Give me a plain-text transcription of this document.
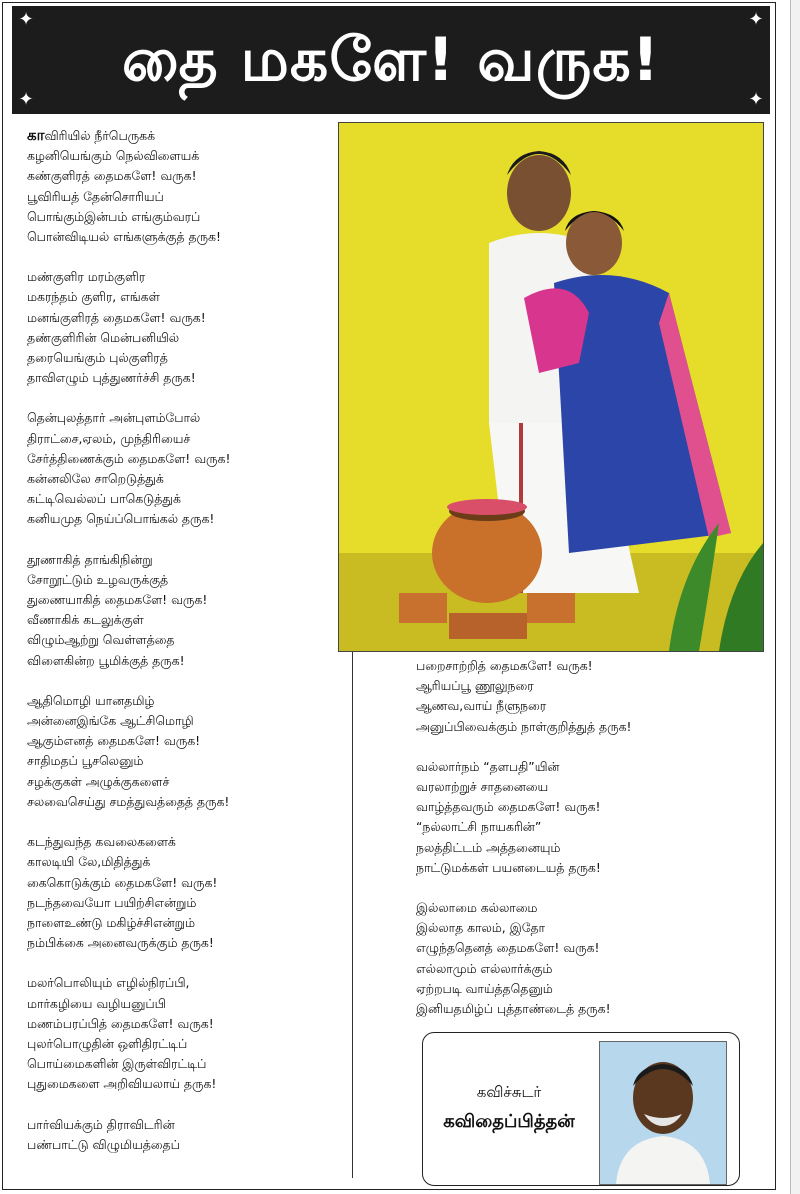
✦	✦
✦	✦
தை மகளே! வருக!
காவிரியில் நீர்பெருகக்
கழனியெங்கும் நெல்விளையக்
கண்குளிரத் தைமகளே! வருக!
பூவிரியத் தேன்சொரியப்
பொங்கும்இன்பம் எங்கும்வரப்
பொன்விடியல் எங்களுக்குத் தருக!
மண்குளிர மரம்குளிர
மகரந்தம் குளிர, எங்கள்
மனங்குளிரத் தைமகளே! வருக!
தண்குளிரின் மென்பனியில்
தரையெங்கும் புல்குளிரத்
தாவிஎழும் புத்துணர்ச்சி தருக!
தென்புலத்தார் அன்புளம்போல்
திராட்சை,ஏலம், முந்திரியைச்
சேர்த்திணைக்கும் தைமகளே! வருக!
கன்னலிலே சாறெடுத்துக்
கட்டிவெல்லப் பாகெடுத்துக்
கனியமுத நெய்ப்பொங்கல் தருக!
தூணாகித் தாங்கிநின்று
சோறூட்டும் உழவருக்குத்
துணையாகித் தைமகளே! வருக!
வீணாகிக் கடலுக்குள்
விழும்ஆற்று வெள்ளத்தை
விளைகின்ற பூமிக்குத் தருக!
ஆதிமொழி யானதமிழ்
அன்னைஇங்கே ஆட்சிமொழி
ஆகும்எனத் தைமகளே! வருக!
சாதிமதப் பூசலெனும்
சழக்குகள் அழுக்குகளைச்
சலவைசெய்து சமத்துவத்தைத் தருக!
கடந்துவந்த கவலைகளைக்
காலடியி லே,மிதித்துக்
கைகொடுக்கும் தைமகளே! வருக!
நடந்தவையோ பயிற்சிஎன்றும்
நாளைஉண்டு மகிழ்ச்சிஎன்றும்
நம்பிக்கை அனைவருக்கும் தருக!
மலர்பொலியும் எழில்நிரப்பி,
மார்கழியை வழியனுப்பி
மணம்பரப்பித் தைமகளே! வருக!
புலர்பொழுதின் ஒளிதிரட்டிப்
பொய்மைகளின் இருள்விரட்டிப்
புதுமைகளை அறிவியலாய் தருக!
பார்வியக்கும் திராவிடரின்
பண்பாட்டு விழுமியத்தைப்
பறைசாற்றித் தைமகளே! வருக!
ஆரியப்பூ ணூலுநரை
ஆணவ,வாய் நீளுநரை
அனுப்பிவைக்கும் நாள்குறித்துத் தருக!
வல்லார்நம் “தளபதி”யின்
வரலாற்றுச் சாதனையை
வாழ்த்தவரும் தைமகளே! வருக!
“நல்லாட்சி நாயகரின்”
நலத்திட்டம் அத்தனையும்
நாட்டுமக்கள் பயனடையத் தருக!
இல்லாமை கல்லாமை
இல்லாத காலம், இதோ
எழுந்ததெனத் தைமகளே! வருக!
எல்லாமும் எல்லார்க்கும்
ஏற்றபடி வாய்த்ததெனும்
இனியதமிழ்ப் புத்தாண்டைத் தருக!
கவிச்சுடர்
கவிதைப்பித்தன்
